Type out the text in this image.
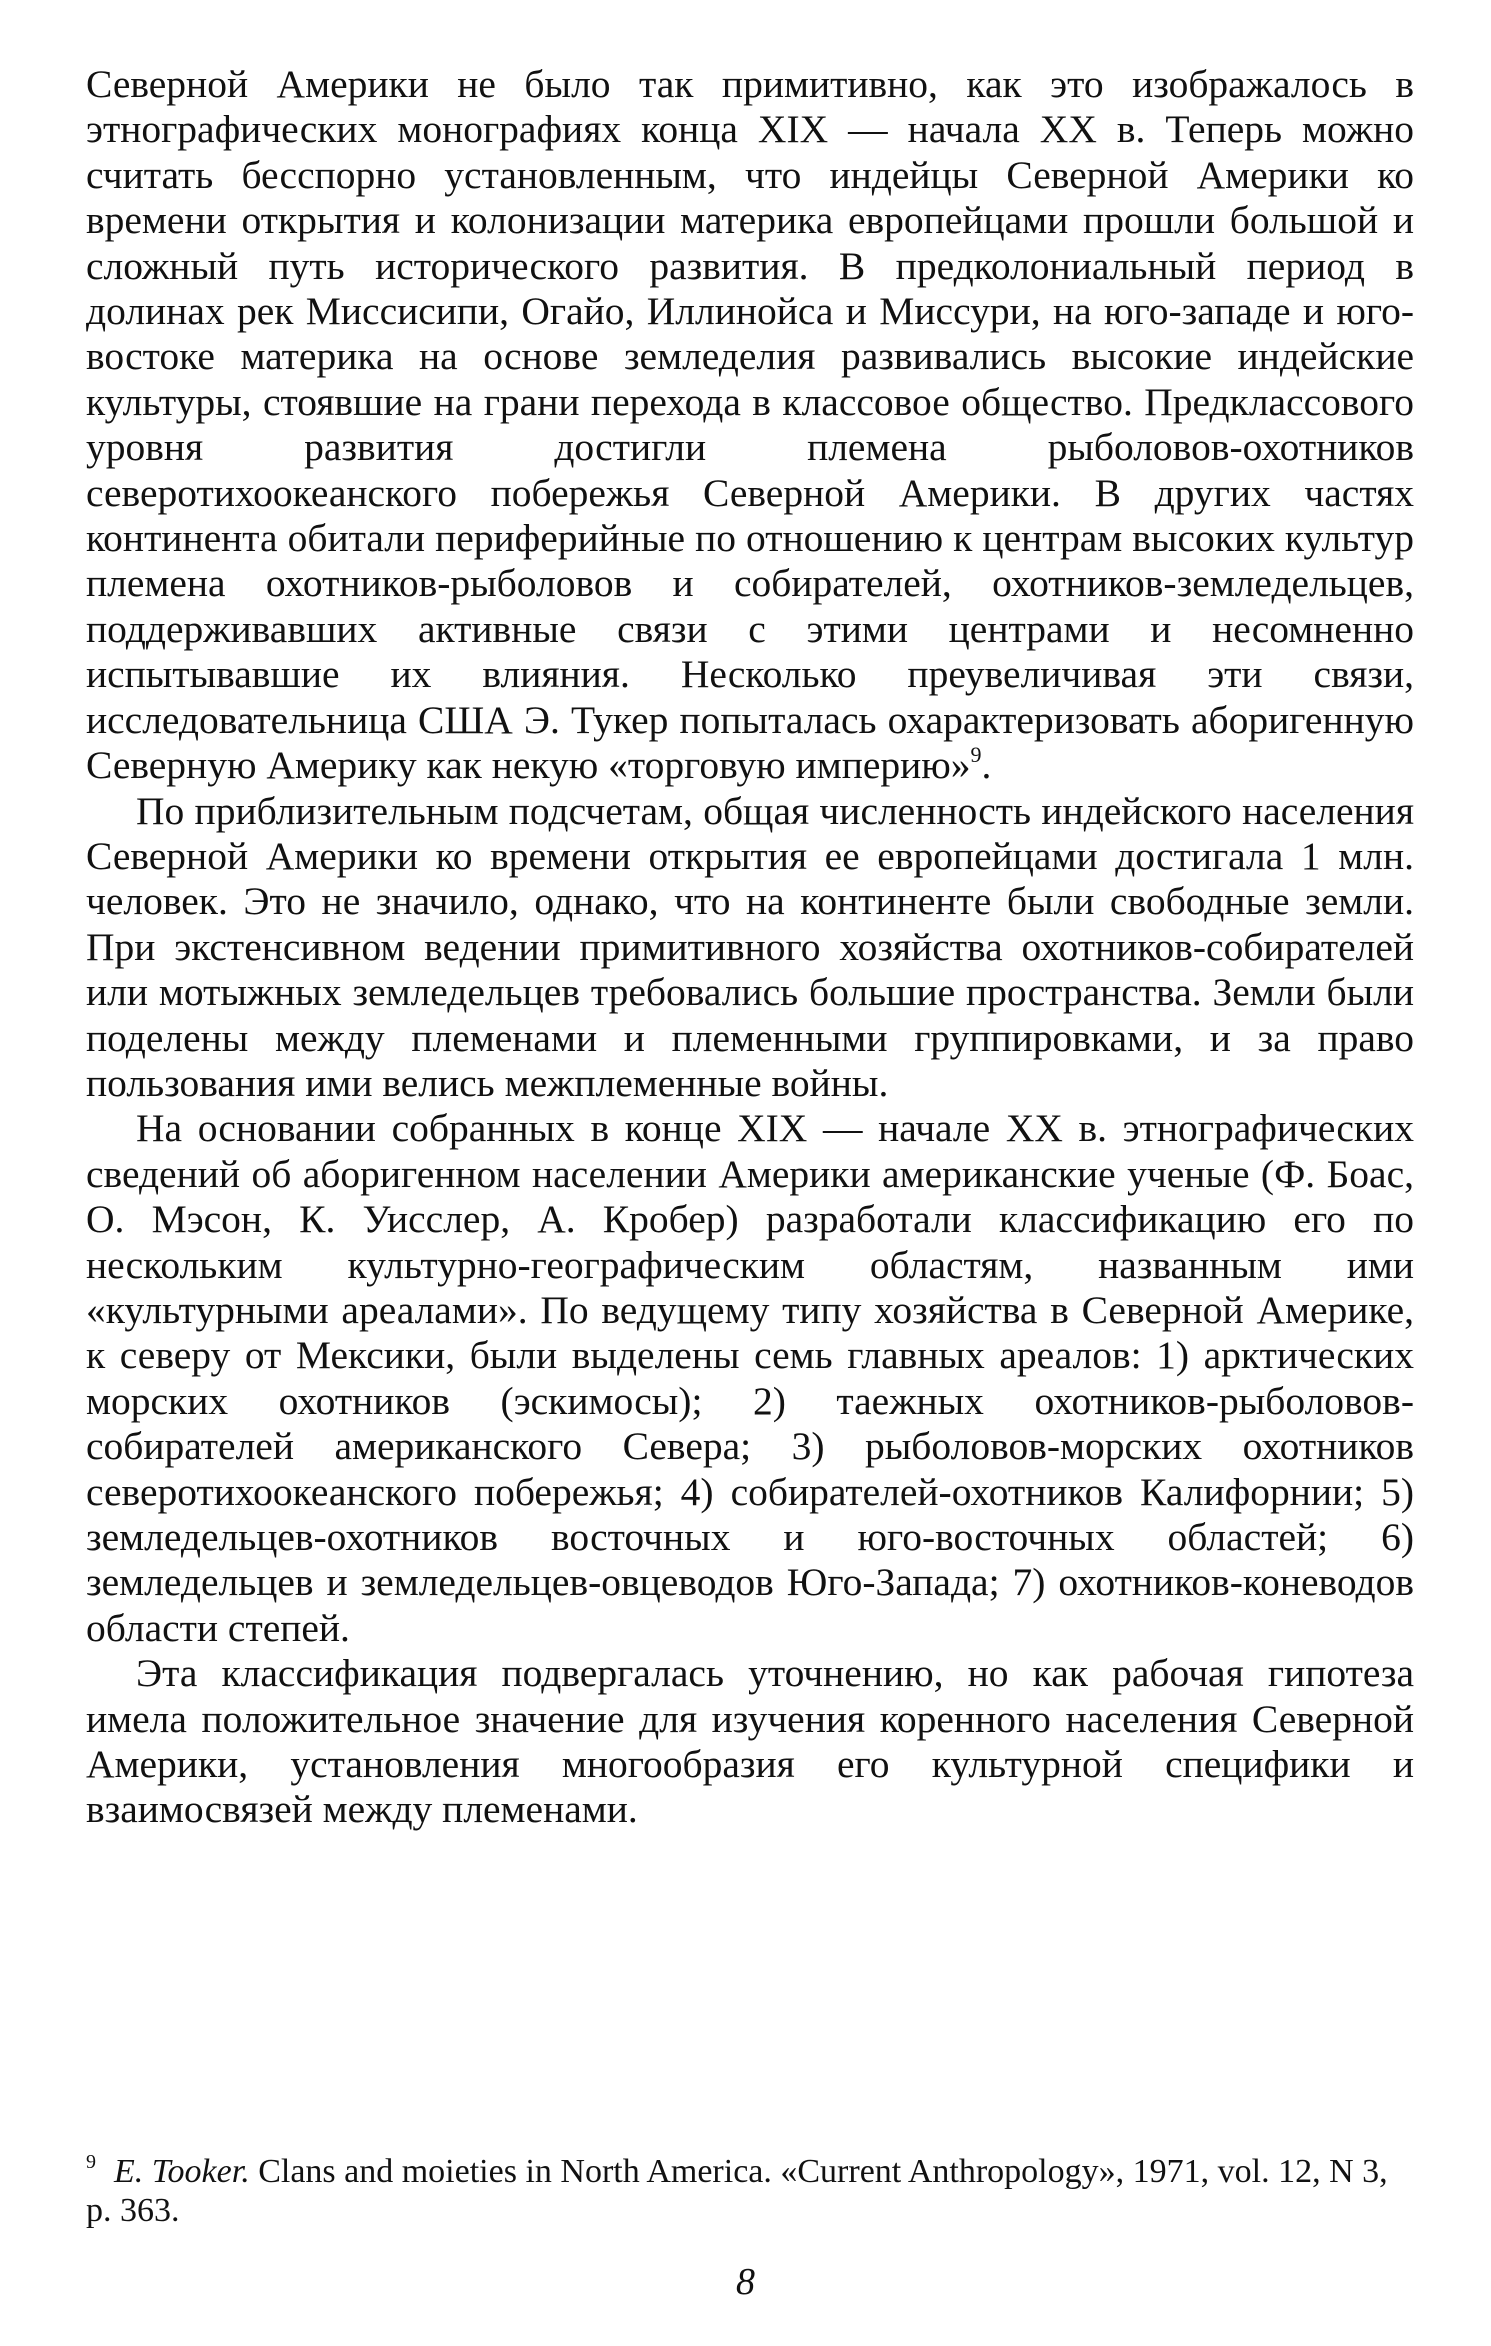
Северной Америки не было так примитивно, как это изображалось в этнографических монографиях конца XIX — начала XX в. Теперь можно считать бесспорно установленным, что индейцы Северной Америки ко времени открытия и колонизации материка европейцами прошли большой и сложный путь исторического развития. В предколониальный период в долинах рек Миссисипи, Огайо, Иллинойса и Миссури, на юго-западе и юго-востоке материка на основе земледелия развивались высокие индейские культуры, стоявшие на грани перехода в классовое общество. Предклассового уровня развития достигли племена рыболовов-охотников северотихоокеанского побережья Северной Америки. В других частях континента обитали периферийные по отношению к центрам высоких культур племена охотников-рыболовов и собирателей, охотников-земледельцев, поддерживавших активные связи с этими центрами и несомненно испытывавшие их влияния. Несколько преувеличивая эти связи, исследовательница США Э. Тукер попыталась охарактеризовать аборигенную Северную Америку как некую «торговую империю»$^9$.

По приблизительным подсчетам, общая численность индейского населения Северной Америки ко времени открытия ее европейцами достигала 1 млн. человек. Это не значило, однако, что на континенте были свободные земли. При экстенсивном ведении примитивного хозяйства охотников-собирателей или мотыжных земледельцев требовались большие пространства. Земли были поделены между племенами и племенными группировками, и за право пользования ими велись межплеменные войны.

На основании собранных в конце XIX — начале XX в. этнографических сведений об аборигенном населении Америки американские ученые (Ф. Боас, О. Мэсон, К. Уисслер, А. Кробер) разработали классификацию его по нескольким культурно-географическим областям, названным ими «культурными ареалами». По ведущему типу хозяйства в Северной Америке, к северу от Мексики, были выделены семь главных ареалов: 1) арктических морских охотников (эскимосы); 2) таежных охотников-рыболовов-собирателей американского Севера; 3) рыболовов-морских охотников северотихоокеанского побережья; 4) собирателей-охотников Калифорнии; 5) земледельцев-охотников восточных и юго-восточных областей; 6) земледельцев и земледельцев-овцеводов Юго-Запада; 7) охотников-коневодов области степей.

Эта классификация подвергалась уточнению, но как рабочая гипотеза имела положительное значение для изучения коренного населения Северной Америки, установления многообразия его культурной специфики и взаимосвязей между племенами.

$^9$ E. Tooker. Clans and moieties in North America. «Current Anthropology», 1971, vol. 12, N 3, p. 363.

8
